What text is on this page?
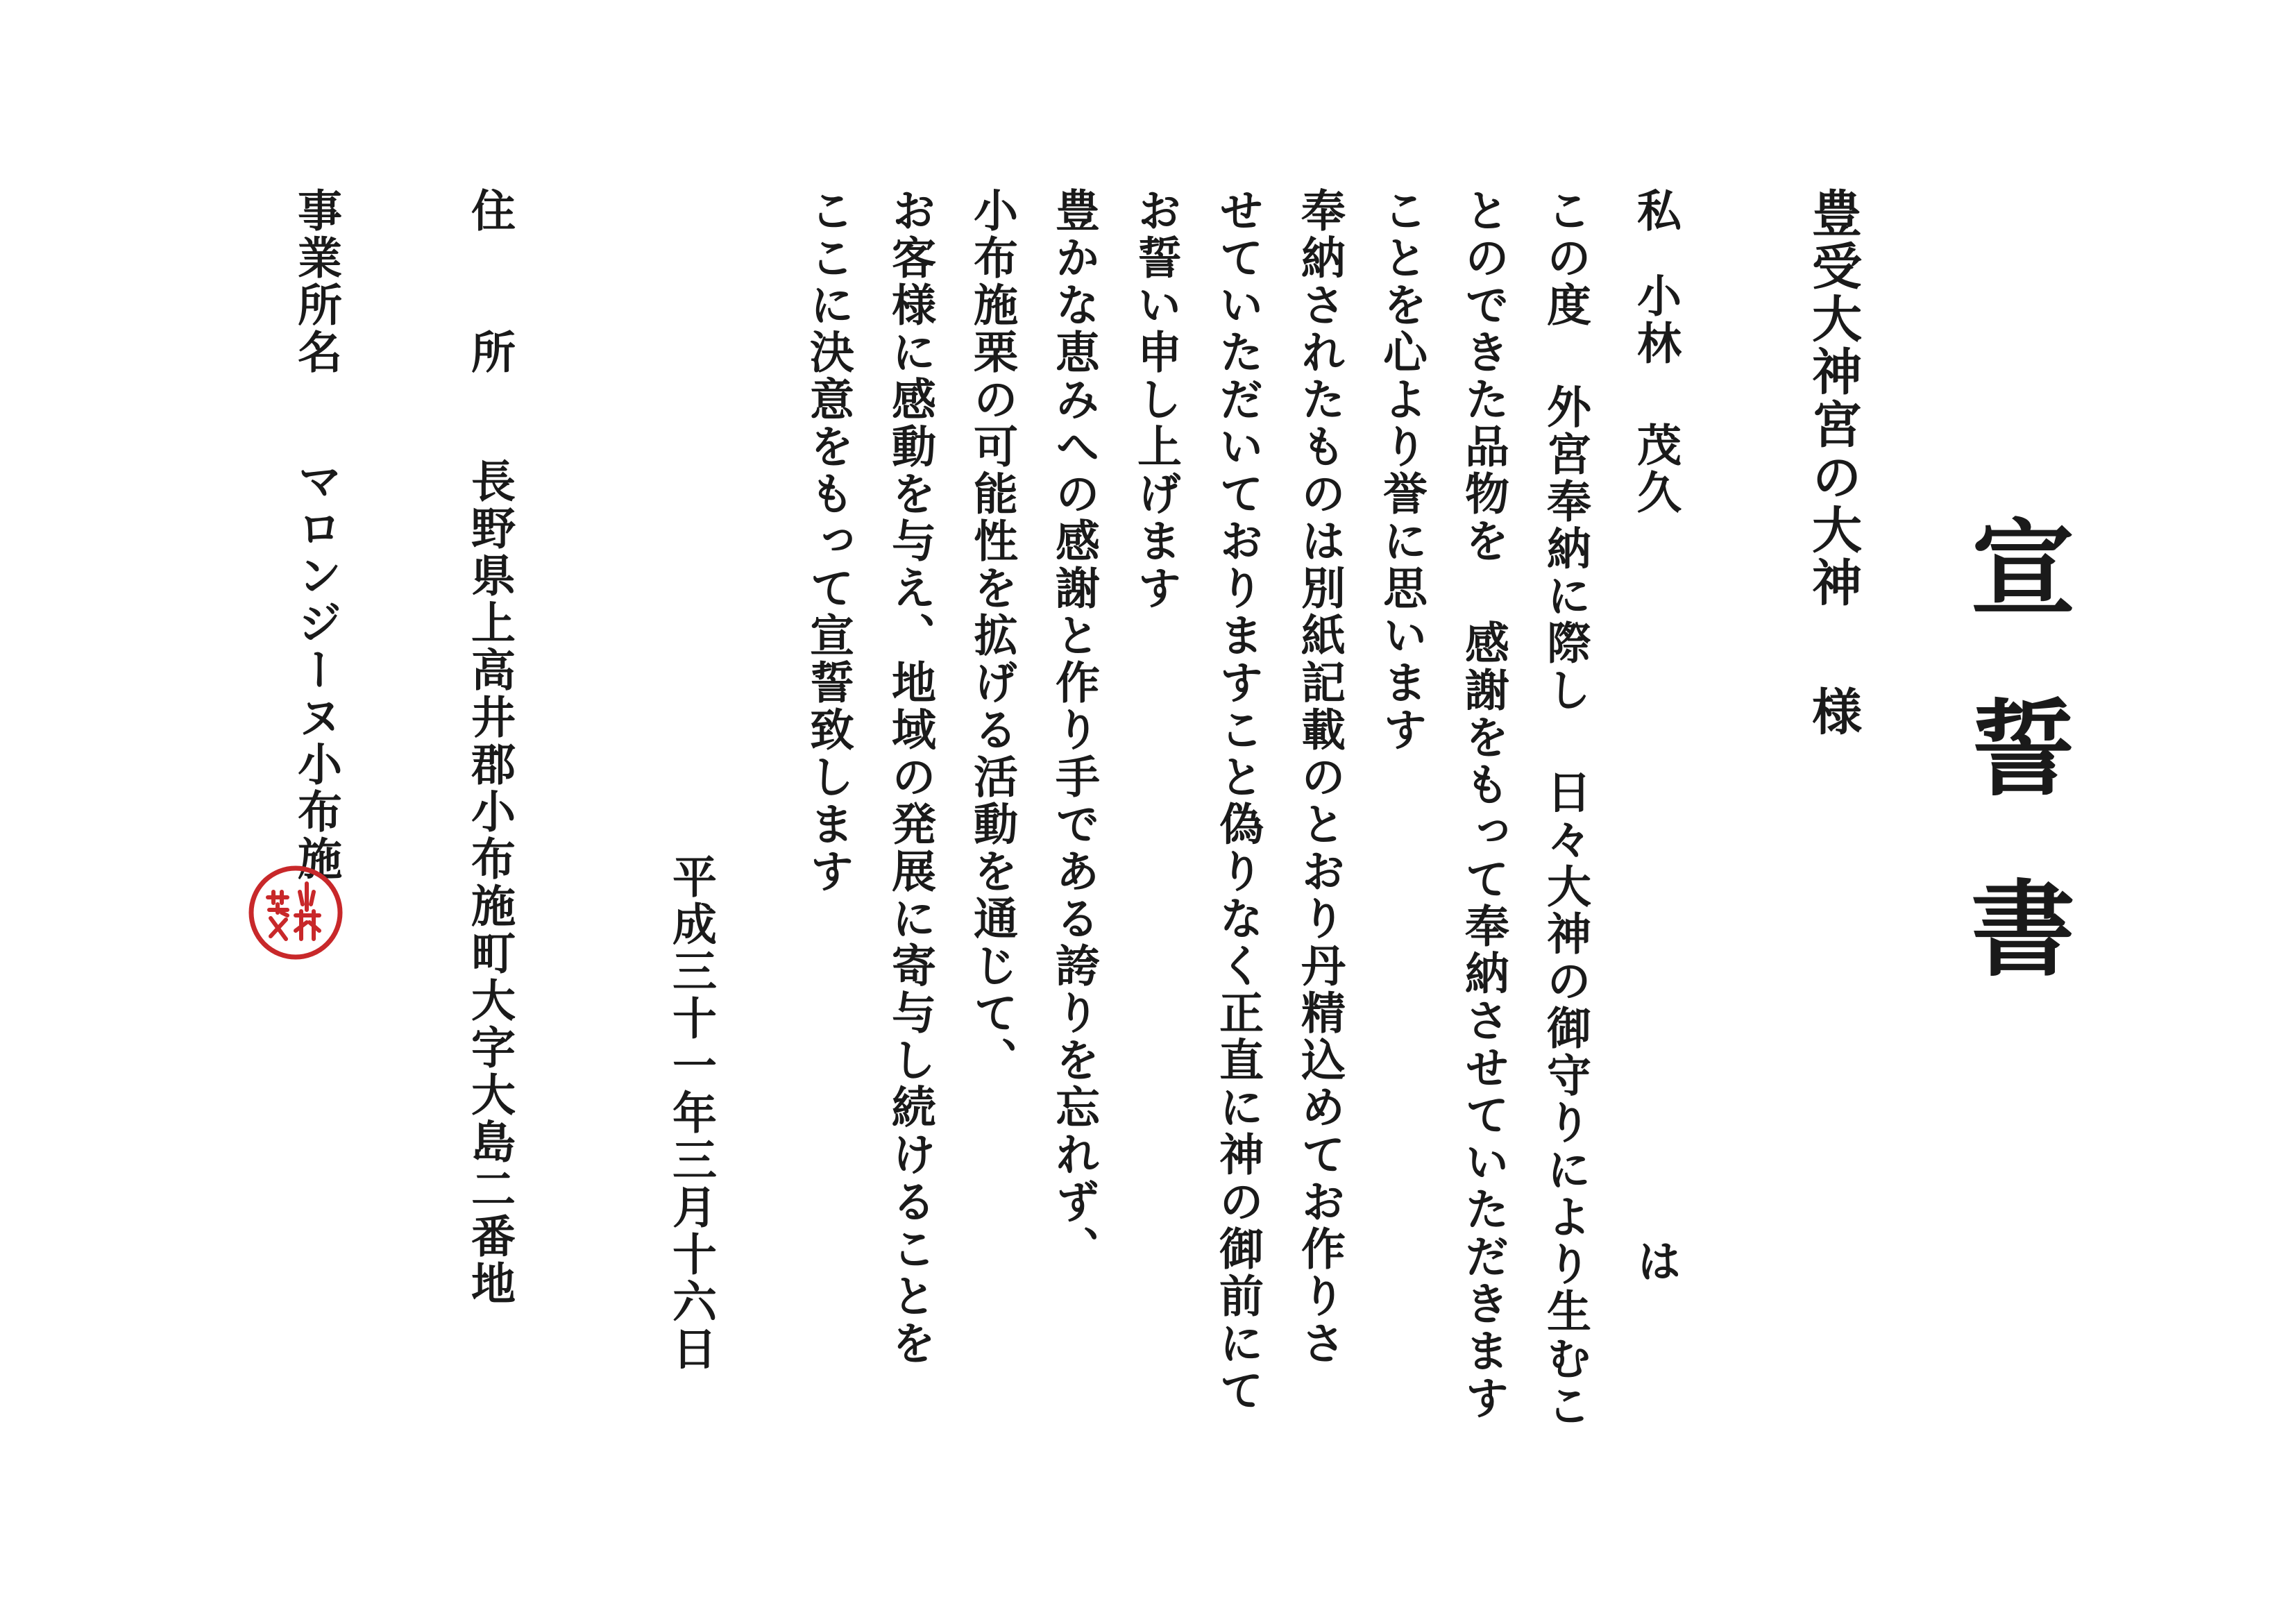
宣誓書
豊受大神宮の大神様
私小林 茂久は
この度 外宮奉納に際し 日々大神の御守りにより生むこ
とのできた品物を 感謝をもって奉納させていただきます
ことを心より誉に思います
奉納されたものは別紙記載のとおり丹精込めてお作りさ
せていただいておりますこと偽りなく正直に神の御前にて
お誓い申し上げます
豊かな恵みへの感謝と作り手である誇りを忘れず、
小布施栗の可能性を拡げる活動を通じて、
お客様に感動を与え、地域の発展に寄与し続けることを
ここに決意をもって宣誓致します
平成三十一年三月十六日
住所
長野県上高井郡小布施町大字大島二番地
事業所名
マロンジーヌ小布施
